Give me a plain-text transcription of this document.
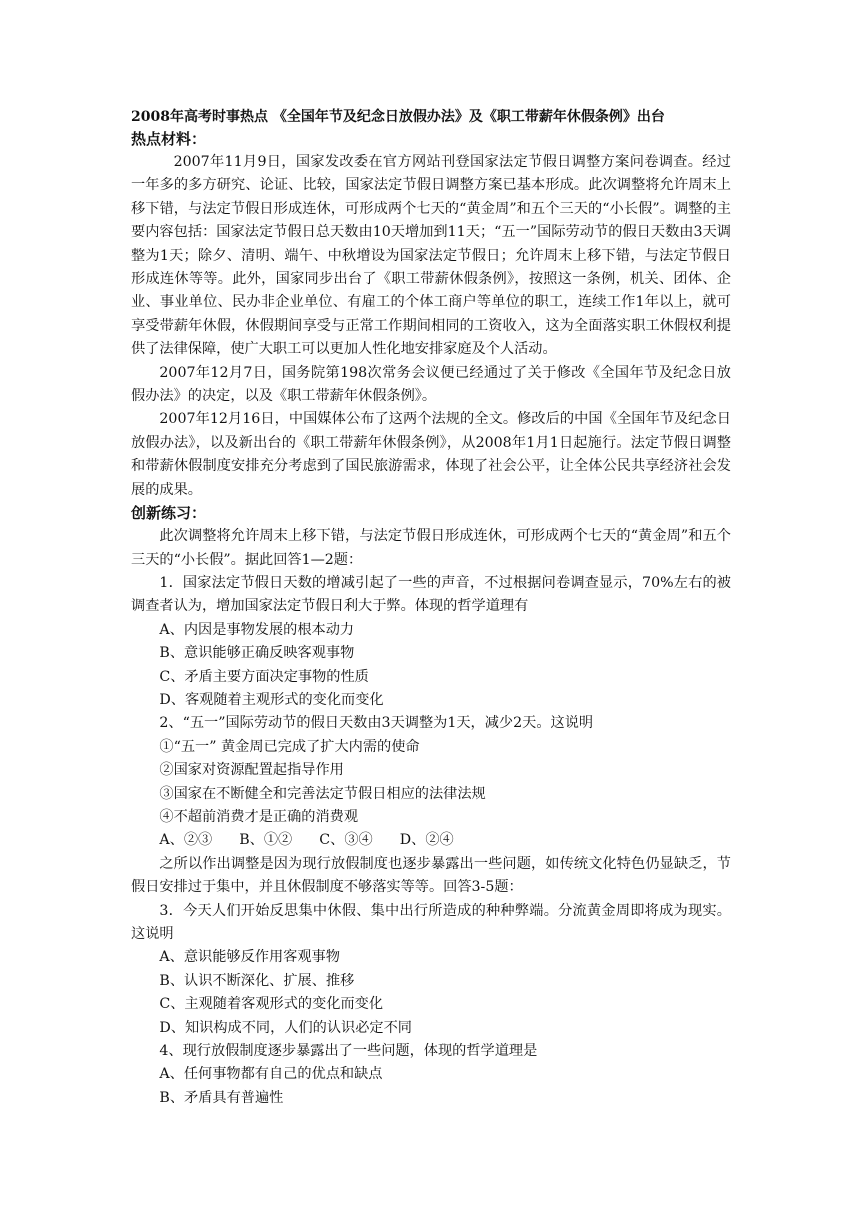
2008年高考时事热点 《全国年节及纪念日放假办法》及《职工带薪年休假条例》出台

热点材料：

2007年11月9日，国家发改委在官方网站刊登国家法定节假日调整方案问卷调查。经过一年多的多方研究、论证、比较，国家法定节假日调整方案已基本形成。此次调整将允许周末上移下错，与法定节假日形成连休，可形成两个七天的“黄金周”和五个三天的“小长假”。调整的主要内容包括：国家法定节假日总天数由10天增加到11天；“五一”国际劳动节的假日天数由3天调整为1天；除夕、清明、端午、中秋增设为国家法定节假日；允许周末上移下错，与法定节假日形成连休等等。此外，国家同步出台了《职工带薪休假条例》，按照这一条例，机关、团体、企业、事业单位、民办非企业单位、有雇工的个体工商户等单位的职工，连续工作1年以上，就可享受带薪年休假，休假期间享受与正常工作期间相同的工资收入，这为全面落实职工休假权利提供了法律保障，使广大职工可以更加人性化地安排家庭及个人活动。

2007年12月7日，国务院第198次常务会议便已经通过了关于修改《全国年节及纪念日放假办法》的决定，以及《职工带薪年休假条例》。

2007年12月16日，中国媒体公布了这两个法规的全文。修改后的中国《全国年节及纪念日放假办法》，以及新出台的《职工带薪年休假条例》，从2008年1月1日起施行。法定节假日调整和带薪休假制度安排充分考虑到了国民旅游需求，体现了社会公平，让全体公民共享经济社会发展的成果。

创新练习：

此次调整将允许周末上移下错，与法定节假日形成连休，可形成两个七天的“黄金周”和五个三天的“小长假”。据此回答1—2题：

1．国家法定节假日天数的增减引起了一些的声音，不过根据问卷调查显示，70%左右的被调查者认为，增加国家法定节假日利大于弊。体现的哲学道理有

A、内因是事物发展的根本动力

B、意识能够正确反映客观事物

C、矛盾主要方面决定事物的性质

D、客观随着主观形式的变化而变化

2、“五一”国际劳动节的假日天数由3天调整为1天，减少2天。这说明

①“五一” 黄金周已完成了扩大内需的使命

②国家对资源配置起指导作用

③国家在不断健全和完善法定节假日相应的法律法规

④不超前消费才是正确的消费观

A、②③      B、①②      C、③④      D、②④

之所以作出调整是因为现行放假制度也逐步暴露出一些问题，如传统文化特色仍显缺乏，节假日安排过于集中，并且休假制度不够落实等等。回答3-5题：

3．今天人们开始反思集中休假、集中出行所造成的种种弊端。分流黄金周即将成为现实。这说明

A、意识能够反作用客观事物

B、认识不断深化、扩展、推移

C、主观随着客观形式的变化而变化

D、知识构成不同，人们的认识必定不同

4、现行放假制度逐步暴露出了一些问题，体现的哲学道理是

A、任何事物都有自己的优点和缺点

B、矛盾具有普遍性
